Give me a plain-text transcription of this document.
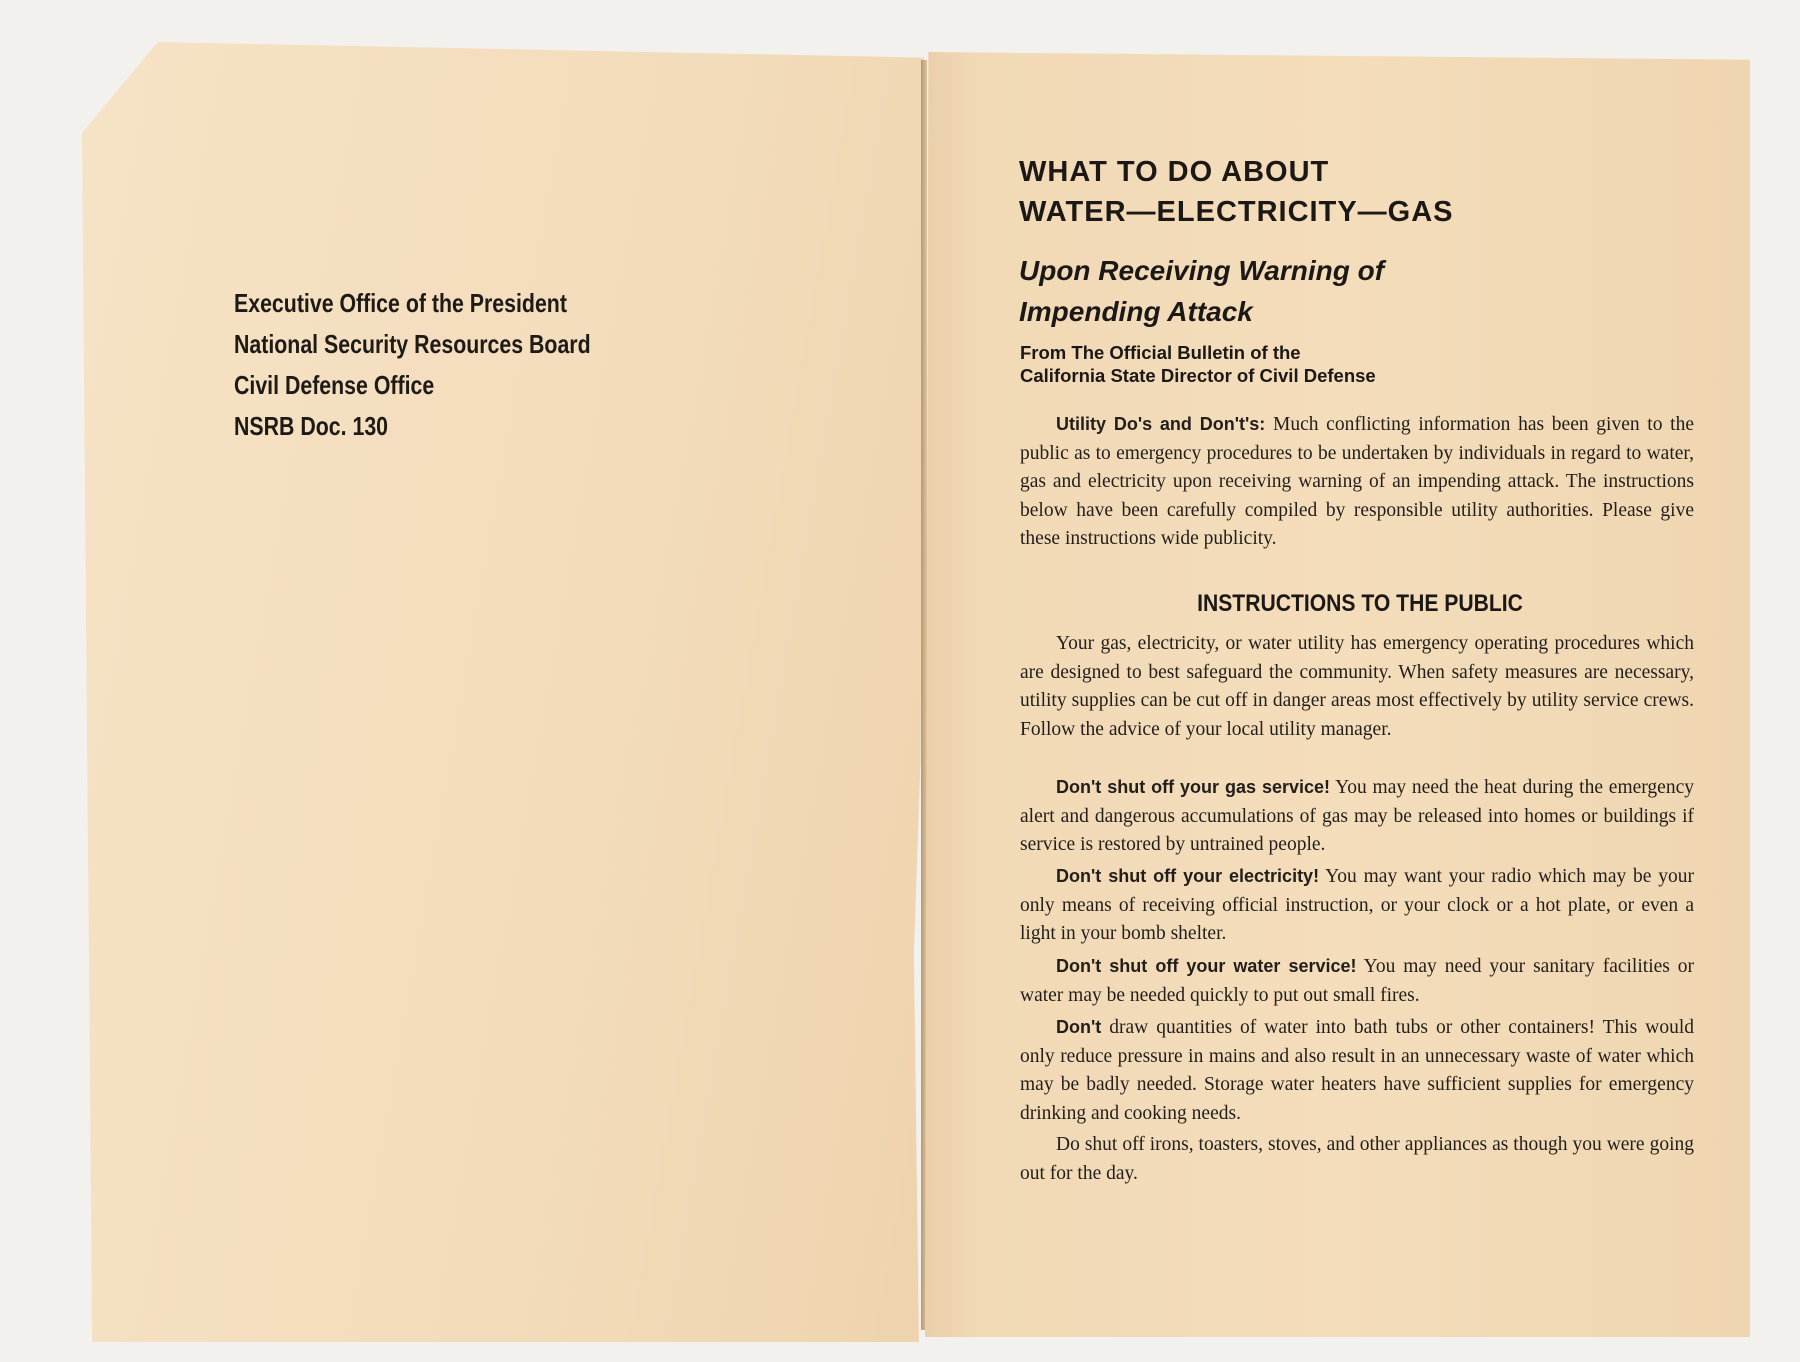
Executive Office of the President
National Security Resources Board
Civil Defense Office
NSRB Doc. 130
WHAT TO DO ABOUT
WATER—ELECTRICITY—GAS
Upon Receiving Warning of
Impending Attack
From The Official Bulletin of the
California State Director of Civil Defense

Utility Do's and Don't's: Much conflicting information has been given to the public as to emergency procedures to be undertaken by individuals in regard to water, gas and electricity upon receiving warning of an impending attack. The instructions below have been carefully compiled by responsible utility authorities. Please give these instructions wide publicity.

INSTRUCTIONS TO THE PUBLIC

Your gas, electricity, or water utility has emergency operating procedures which are designed to best safeguard the community. When safety measures are necessary, utility supplies can be cut off in danger areas most effectively by utility service crews. Follow the advice of your local utility manager.

Don't shut off your gas service! You may need the heat during the emergency alert and dangerous accumulations of gas may be released into homes or buildings if service is restored by untrained people.

Don't shut off your electricity! You may want your radio which may be your only means of receiving official instruction, or your clock or a hot plate, or even a light in your bomb shelter.

Don't shut off your water service! You may need your sanitary facilities or water may be needed quickly to put out small fires.

Don't draw quantities of water into bath tubs or other containers! This would only reduce pressure in mains and also result in an unnecessary waste of water which may be badly needed. Storage water heaters have sufficient supplies for emergency drinking and cooking needs.

Do shut off irons, toasters, stoves, and other appliances as though you were going out for the day.
